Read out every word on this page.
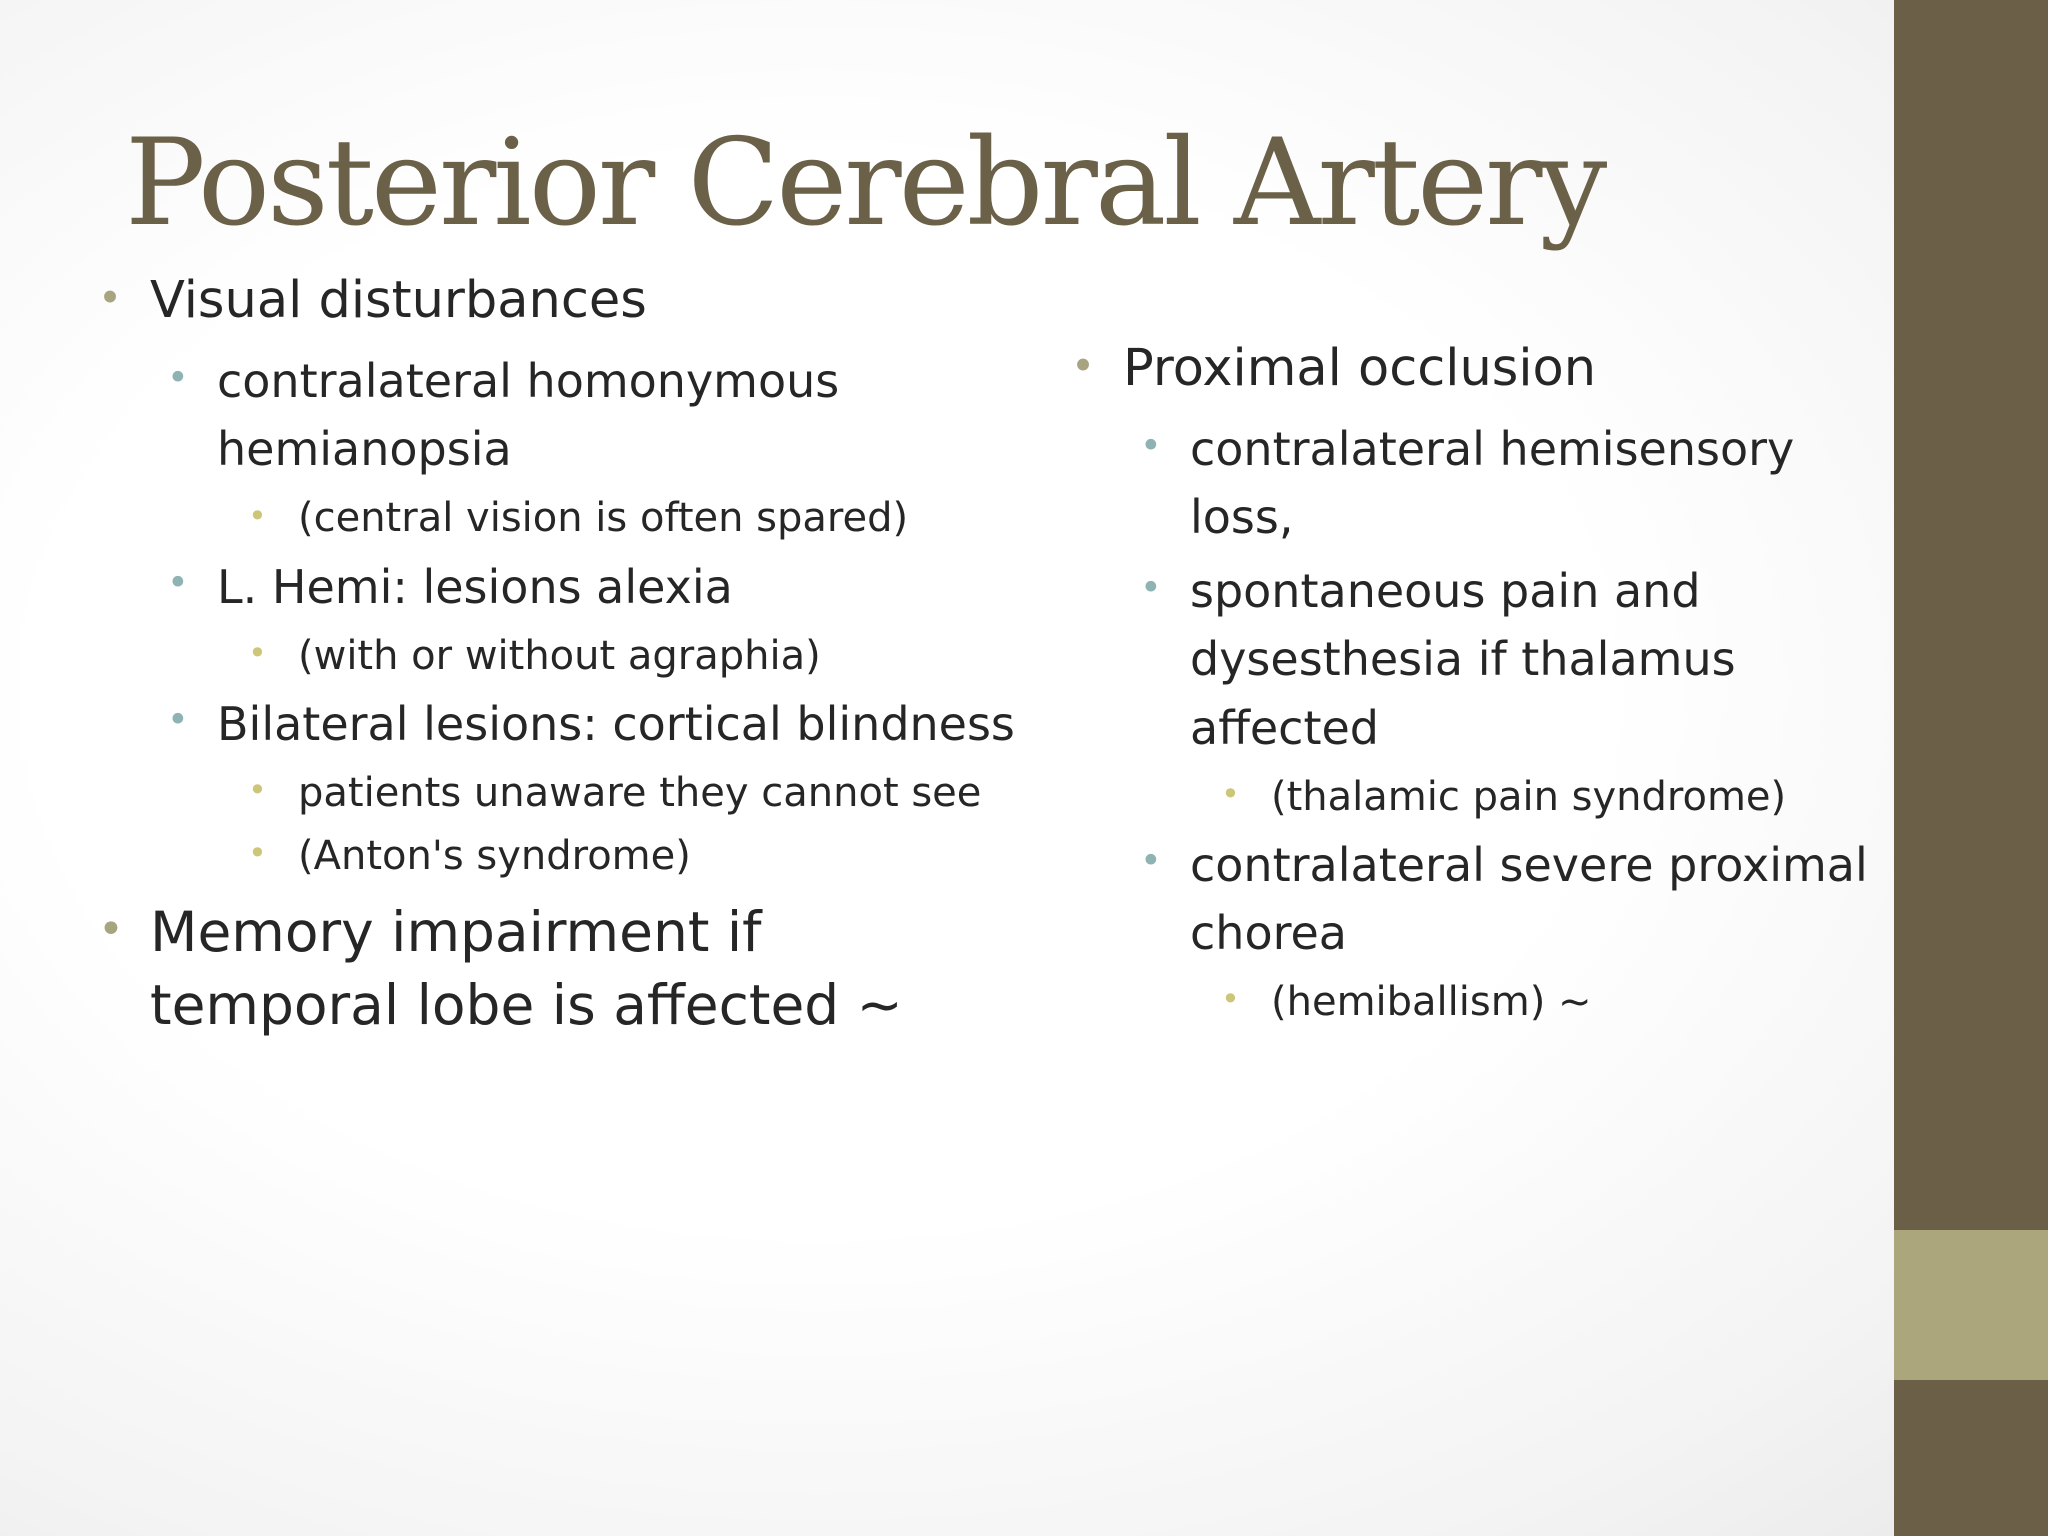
Posterior Cerebral Artery
• Visual disturbances
• contralateral homonymous hemianopsia
• (central vision is often spared)
• L. Hemi: lesions alexia
• (with or without agraphia)
• Bilateral lesions: cortical blindness
• patients unaware they cannot see
• (Anton's syndrome)
• Memory impairment if temporal lobe is affected ~
• Proximal occlusion
• contralateral hemisensory loss,
• spontaneous pain and dysesthesia if thalamus affected
• (thalamic pain syndrome)
• contralateral severe proximal chorea
• (hemiballism) ~
